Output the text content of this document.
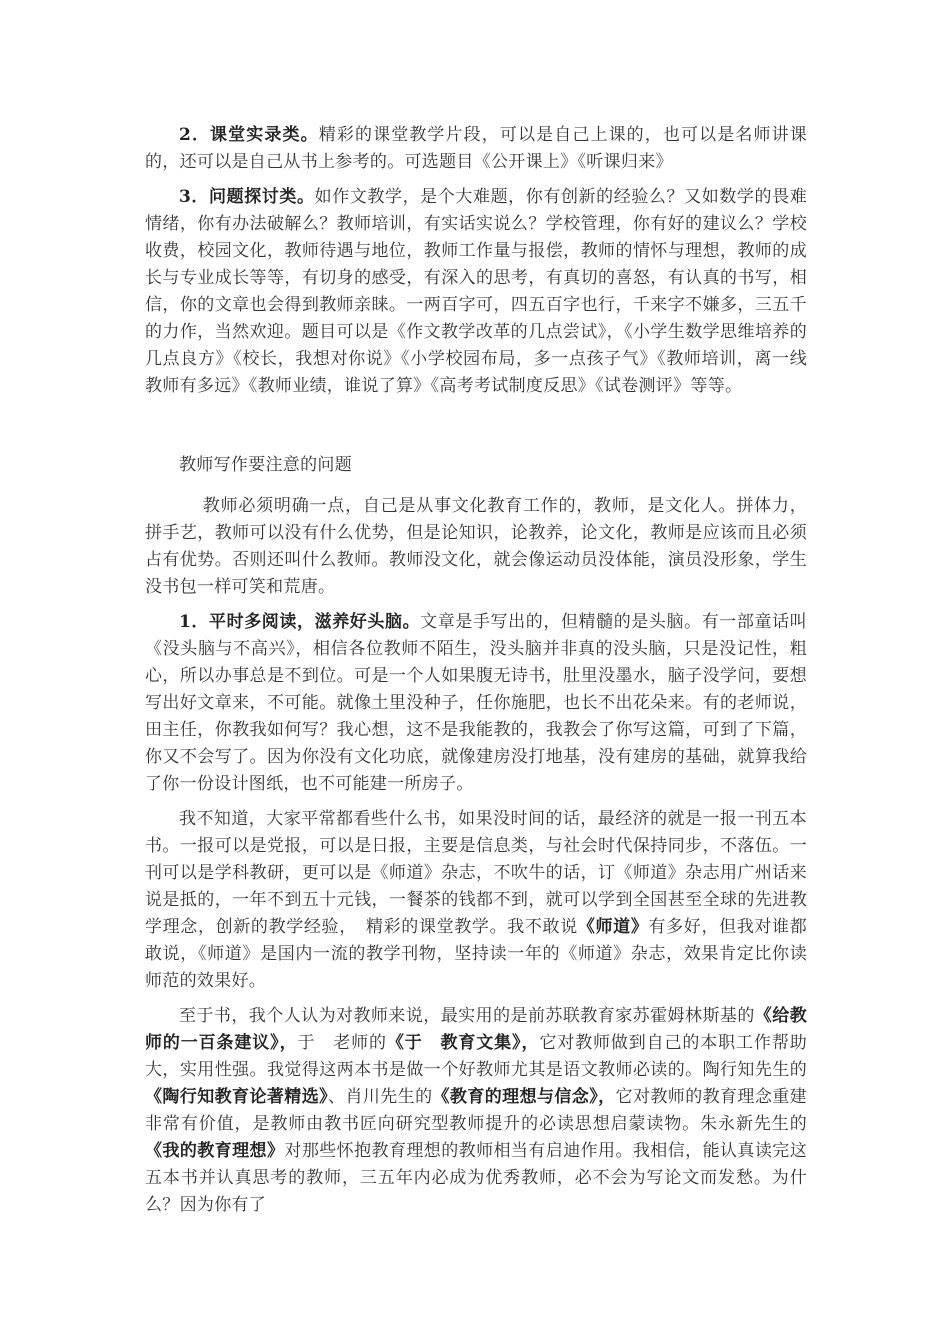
2．课堂实录类。精彩的课堂教学片段，可以是自己上课的，也可以是名师讲课的，还可以是自己从书上参考的。可选题目《公开课上》《听课归来》

3．问题探讨类。如作文教学，是个大难题，你有创新的经验么？又如数学的畏难情绪，你有办法破解么？教师培训，有实话实说么？学校管理，你有好的建议么？学校收费，校园文化，教师待遇与地位，教师工作量与报偿，教师的情怀与理想，教师的成长与专业成长等等，有切身的感受，有深入的思考，有真切的喜怒，有认真的书写，相信，你的文章也会得到教师亲睐。一两百字可，四五百字也行，千来字不嫌多，三五千的力作，当然欢迎。题目可以是《作文教学改革的几点尝试》，《小学生数学思维培养的几点良方》《校长，我想对你说》《小学校园布局，多一点孩子气》《教师培训，离一线教师有多远》《教师业绩，谁说了算》《高考考试制度反思》《试卷测评》等等。

教师写作要注意的问题

教师必须明确一点，自己是从事文化教育工作的，教师，是文化人。拼体力，拼手艺，教师可以没有什么优势，但是论知识，论教养，论文化，教师是应该而且必须占有优势。否则还叫什么教师。教师没文化，就会像运动员没体能，演员没形象，学生没书包一样可笑和荒唐。

1．平时多阅读，滋养好头脑。文章是手写出的，但精髓的是头脑。有一部童话叫《没头脑与不高兴》，相信各位教师不陌生，没头脑并非真的没头脑，只是没记性，粗心，所以办事总是不到位。可是一个人如果腹无诗书，肚里没墨水，脑子没学问，要想写出好文章来，不可能。就像土里没种子，任你施肥，也长不出花朵来。有的老师说，田主任，你教我如何写？我心想，这不是我能教的，我教会了你写这篇，可到了下篇，你又不会写了。因为你没有文化功底，就像建房没打地基，没有建房的基础，就算我给了你一份设计图纸，也不可能建一所房子。

我不知道，大家平常都看些什么书，如果没时间的话，最经济的就是一报一刊五本书。一报可以是党报，可以是日报，主要是信息类，与社会时代保持同步，不落伍。一刊可以是学科教研，更可以是《师道》杂志，不吹牛的话，订《师道》杂志用广州话来说是抵的，一年不到五十元钱，一餐茶的钱都不到，就可以学到全国甚至全球的先进教学理念，创新的教学经验，　精彩的课堂教学。我不敢说《师道》有多好，但我对谁都敢说，《师道》是国内一流的教学刊物，坚持读一年的《师道》杂志，效果肯定比你读师范的效果好。

至于书，我个人认为对教师来说，最实用的是前苏联教育家苏霍姆林斯基的《给教师的一百条建议》，于　老师的《于　教育文集》，它对教师做到自己的本职工作帮助大，实用性强。我觉得这两本书是做一个好教师尤其是语文教师必读的。陶行知先生的《陶行知教育论著精选》、肖川先生的《教育的理想与信念》，它对教师的教育理念重建非常有价值，是教师由教书匠向研究型教师提升的必读思想启蒙读物。朱永新先生的《我的教育理想》对那些怀抱教育理想的教师相当有启迪作用。我相信，能认真读完这五本书并认真思考的教师，三五年内必成为优秀教师，必不会为写论文而发愁。为什么？因为你有了
